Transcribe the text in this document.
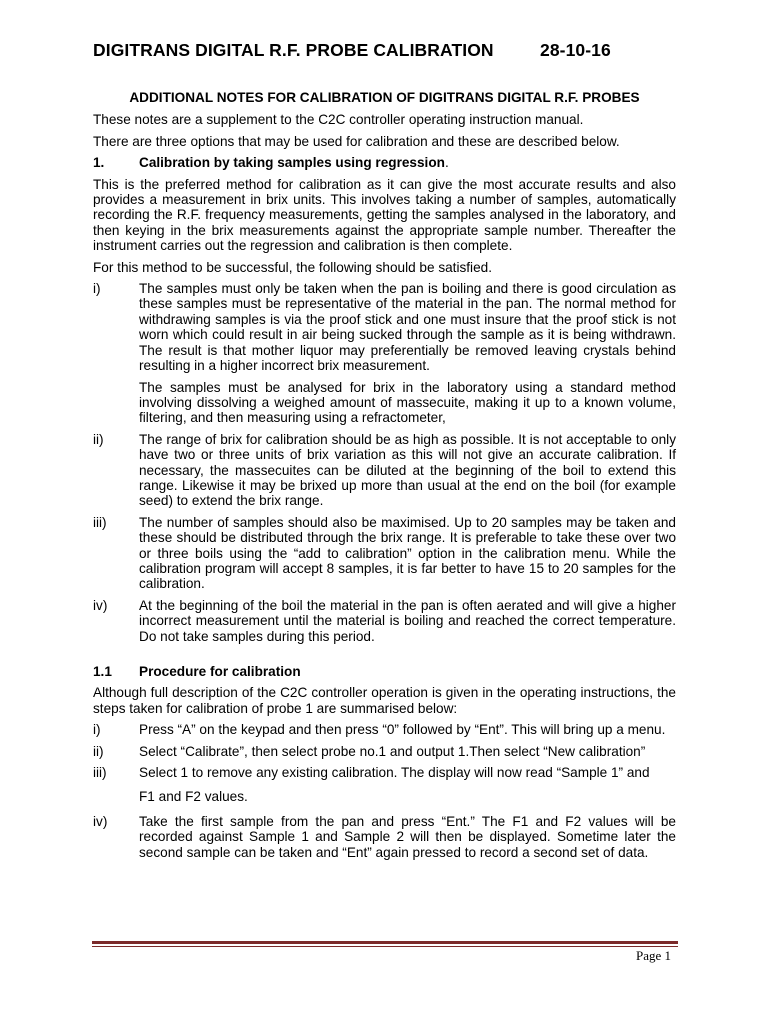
DIGITRANS DIGITAL R.F. PROBE CALIBRATION	28-10-16
ADDITIONAL NOTES FOR CALIBRATION OF DIGITRANS DIGITAL R.F. PROBES

These notes are a supplement to the C2C controller operating instruction manual.

There are three options that may be used for calibration and these are described below.

1.	Calibration by taking samples using regression.

This is the preferred method for calibration as it can give the most accurate results and also provides a measurement in brix units. This involves taking a number of samples, automatically recording the R.F. frequency measurements, getting the samples analysed in the laboratory, and then keying in the brix measurements against the appropriate sample number. Thereafter the instrument carries out the regression and calibration is then complete.

For this method to be successful, the following should be satisfied.

i)	The samples must only be taken when the pan is boiling and there is good circulation as these samples must be representative of the material in the pan. The normal method for withdrawing samples is via the proof stick and one must insure that the proof stick is not worn which could result in air being sucked through the sample as it is being withdrawn. The result is that mother liquor may preferentially be removed leaving crystals behind resulting in a higher incorrect brix measurement.

The samples must be analysed for brix in the laboratory using a standard method involving dissolving a weighed amount of massecuite, making it up to a known volume, filtering, and then measuring using a refractometer,

ii)	The range of brix for calibration should be as high as possible. It is not acceptable to only have two or three units of brix variation as this will not give an accurate calibration. If necessary, the massecuites can be diluted at the beginning of the boil to extend this range. Likewise it may be brixed up more than usual at the end on the boil (for example seed) to extend the brix range.
iii)	The number of samples should also be maximised. Up to 20 samples may be taken and these should be distributed through the brix range. It is preferable to take these over two or three boils using the “add to calibration” option in the calibration menu. While the calibration program will accept 8 samples, it is far better to have 15 to 20 samples for the calibration.
iv)	At the beginning of the boil the material in the pan is often aerated and will give a higher incorrect measurement until the material is boiling and reached the correct temperature. Do not take samples during this period.
1.1	Procedure for calibration

Although full description of the C2C controller operation is given in the operating instructions, the steps taken for calibration of probe 1 are summarised below:

i)	Press “A” on the keypad and then press “0” followed by “Ent”. This will bring up a menu.
ii)	Select “Calibrate”, then select probe no.1 and output 1.Then select “New calibration”
iii)	Select 1 to remove any existing calibration. The display will now read “Sample 1” and

F1 and F2 values.

iv)	Take the first sample from the pan and press “Ent.” The F1 and F2 values will be recorded against Sample 1 and Sample 2 will then be displayed. Sometime later the second sample can be taken and “Ent” again pressed to record a second set of data.
Page 1
